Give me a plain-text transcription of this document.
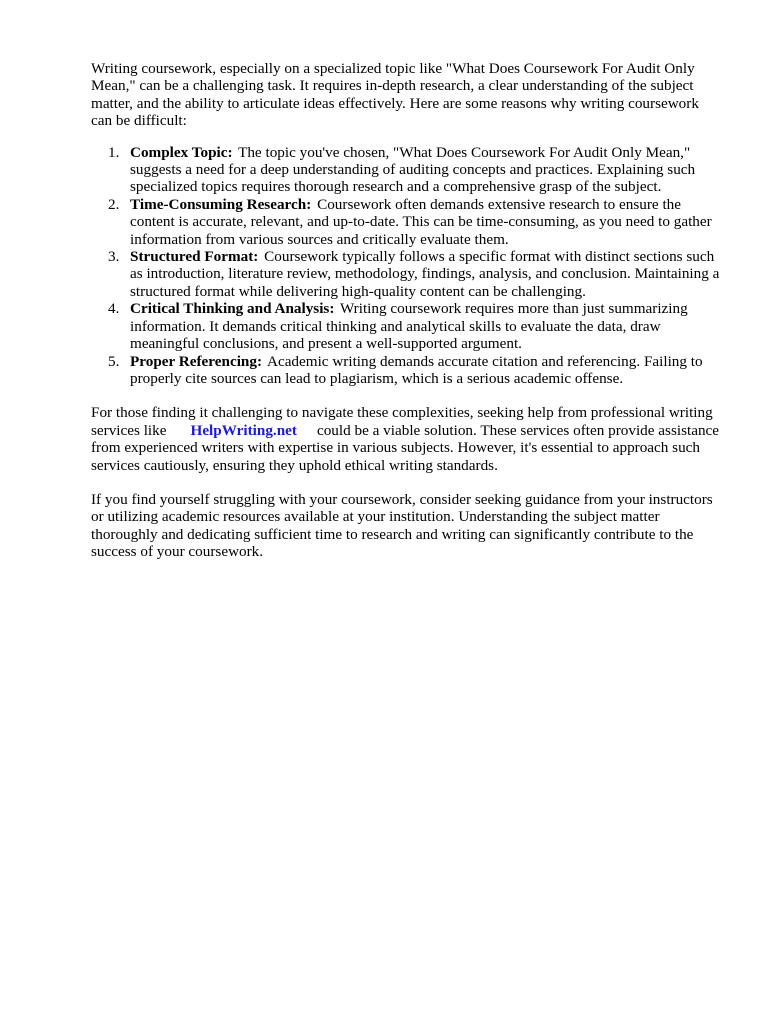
Writing coursework, especially on a specialized topic like "What Does Coursework For Audit Only Mean," can be a challenging task. It requires in-depth research, a clear understanding of the subject matter, and the ability to articulate ideas effectively. Here are some reasons why writing coursework can be difficult:

1. Complex Topic: The topic you've chosen, "What Does Coursework For Audit Only Mean," suggests a need for a deep understanding of auditing concepts and practices. Explaining such specialized topics requires thorough research and a comprehensive grasp of the subject.
2. Time-Consuming Research: Coursework often demands extensive research to ensure the content is accurate, relevant, and up-to-date. This can be time-consuming, as you need to gather information from various sources and critically evaluate them.
3. Structured Format: Coursework typically follows a specific format with distinct sections such as introduction, literature review, methodology, findings, analysis, and conclusion. Maintaining a structured format while delivering high-quality content can be challenging.
4. Critical Thinking and Analysis: Writing coursework requires more than just summarizing information. It demands critical thinking and analytical skills to evaluate the data, draw meaningful conclusions, and present a well-supported argument.
5. Proper Referencing: Academic writing demands accurate citation and referencing. Failing to properly cite sources can lead to plagiarism, which is a serious academic offense.

For those finding it challenging to navigate these complexities, seeking help from professional writing services like HelpWriting.net could be a viable solution. These services often provide assistance from experienced writers with expertise in various subjects. However, it's essential to approach such services cautiously, ensuring they uphold ethical writing standards.

If you find yourself struggling with your coursework, consider seeking guidance from your instructors or utilizing academic resources available at your institution. Understanding the subject matter thoroughly and dedicating sufficient time to research and writing can significantly contribute to the success of your coursework.
